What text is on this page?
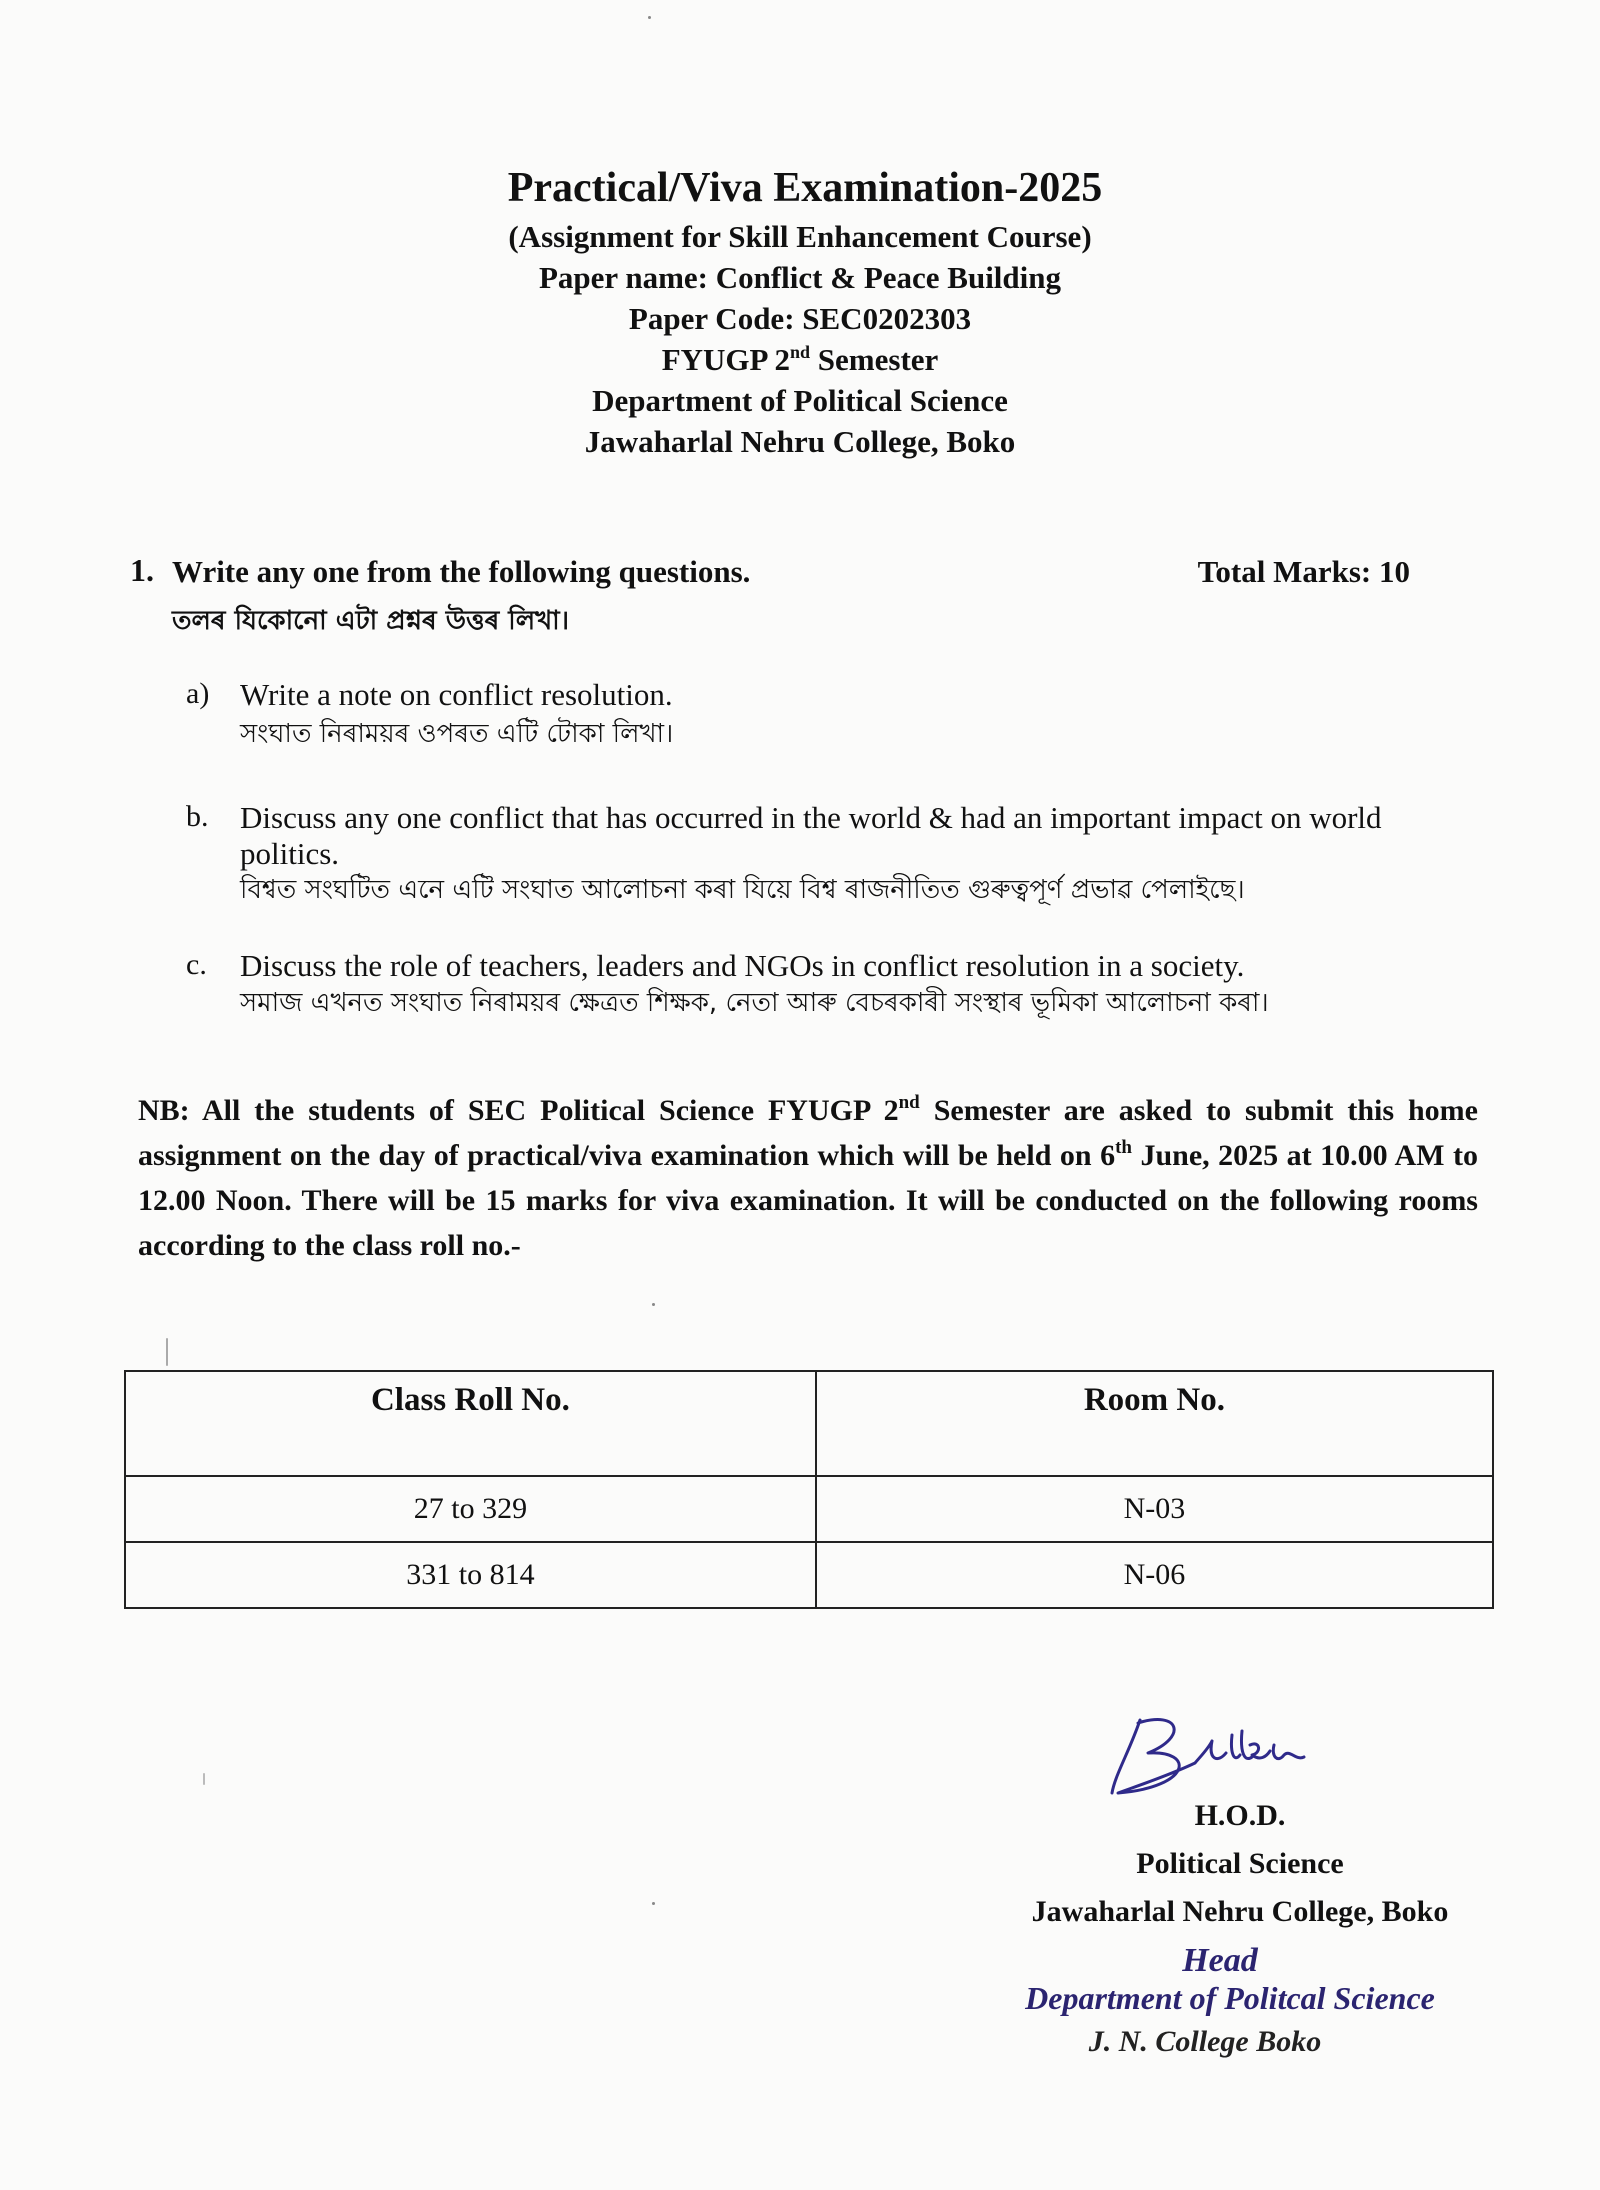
Practical/Viva Examination-2025
(Assignment for Skill Enhancement Course)
Paper name: Conflict & Peace Building
Paper Code: SEC0202303
FYUGP 2nd Semester
Department of Political Science
Jawaharlal Nehru College, Boko
1. Write any one from the following questions.	Total Marks: 10
তলৰ যিকোনো এটা প্ৰশ্নৰ উত্তৰ লিখা।
a) Write a note on conflict resolution.
সংঘাত নিৰাময়ৰ ওপৰত এটি টোকা লিখা।
b. Discuss any one conflict that has occurred in the world & had an important impact on world politics.
বিশ্বত সংঘটিত এনে এটি সংঘাত আলোচনা কৰা যিয়ে বিশ্ব ৰাজনীতিত গুৰুত্বপূৰ্ণ প্ৰভাৱ পেলাইছে।
c. Discuss the role of teachers, leaders and NGOs in conflict resolution in a society.
সমাজ এখনত সংঘাত নিৰাময়ৰ ক্ষেত্ৰত শিক্ষক, নেতা আৰু বেচৰকাৰী সংস্থাৰ ভূমিকা আলোচনা কৰা।
NB: All the students of SEC Political Science FYUGP 2nd Semester are asked to submit this home assignment on the day of practical/viva examination which will be held on 6th June, 2025 at 10.00 AM to 12.00 Noon. There will be 15 marks for viva examination. It will be conducted on the following rooms according to the class roll no.-
Class Roll No.	Room No.
27 to 329	N-03
331 to 814	N-06
H.O.D.
Political Science
Jawaharlal Nehru College, Boko
Head
Department of Politcal Science
J. N. College Boko
